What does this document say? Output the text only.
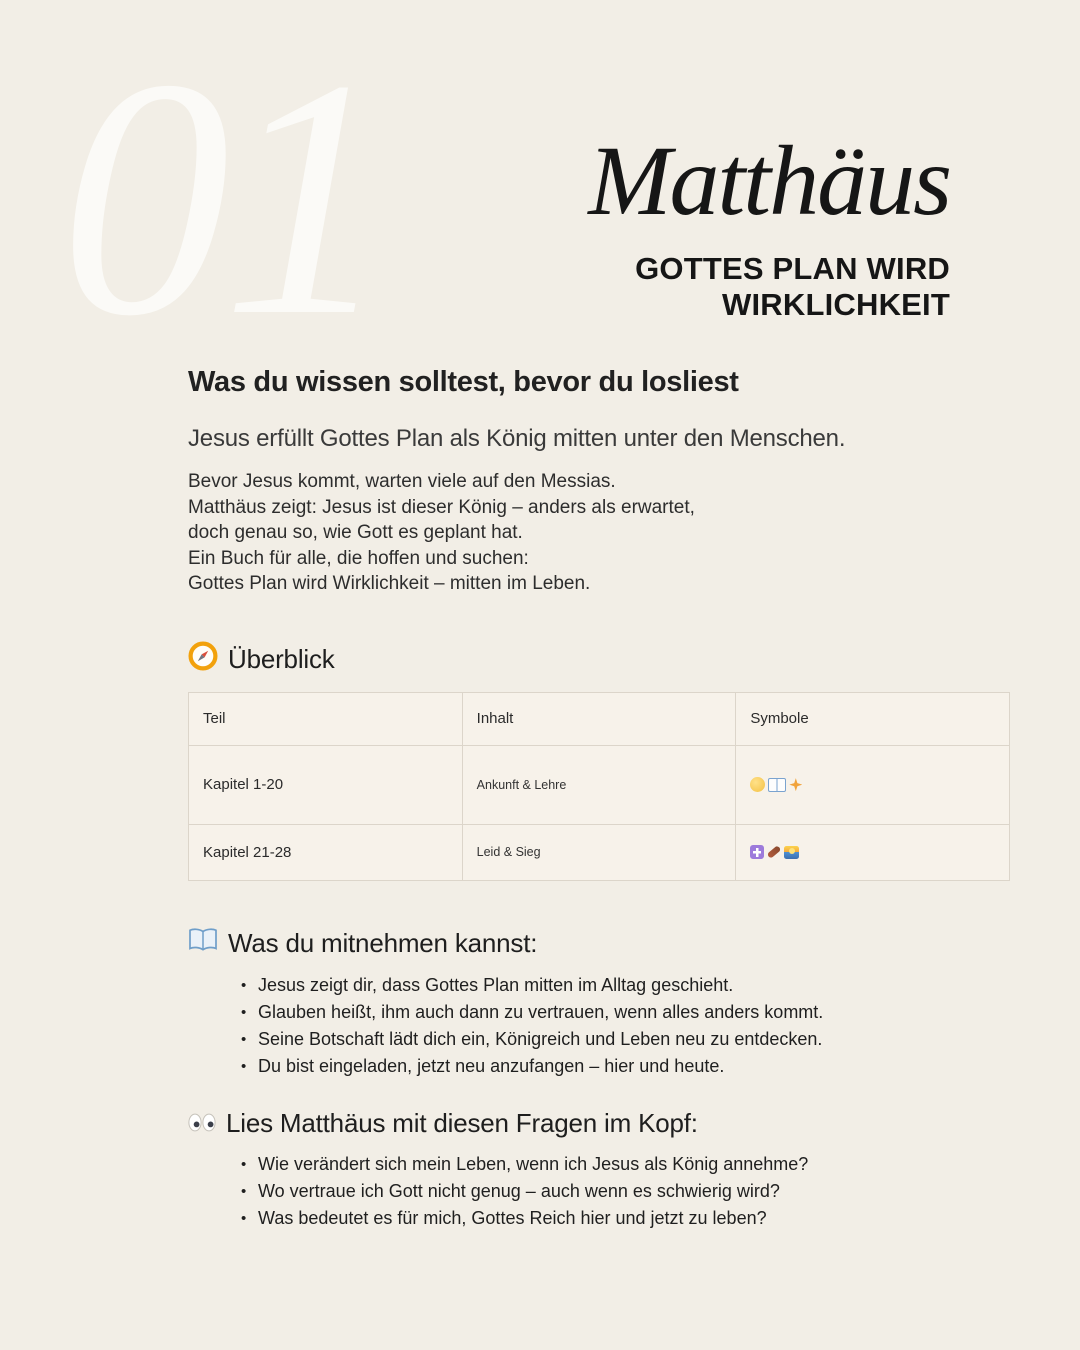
01 Matthäus
GOTTES PLAN WIRD
WIRKLICHKEIT
Was du wissen solltest, bevor du losliest
Jesus erfüllt Gottes Plan als König mitten unter den Menschen.
Bevor Jesus kommt, warten viele auf den Messias.
Matthäus zeigt: Jesus ist dieser König – anders als erwartet,
doch genau so, wie Gott es geplant hat.
Ein Buch für alle, die hoffen und suchen:
Gottes Plan wird Wirklichkeit – mitten im Leben.
Überblick
Teil	Inhalt	Symbole
Kapitel 1-20	Ankunft & Lehre	
Kapitel 21-28	Leid & Sieg	
Was du mitnehmen kannst:
• Jesus zeigt dir, dass Gottes Plan mitten im Alltag geschieht.
• Glauben heißt, ihm auch dann zu vertrauen, wenn alles anders kommt.
• Seine Botschaft lädt dich ein, Königreich und Leben neu zu entdecken.
• Du bist eingeladen, jetzt neu anzufangen – hier und heute.
Lies Matthäus mit diesen Fragen im Kopf:
• Wie verändert sich mein Leben, wenn ich Jesus als König annehme?
• Wo vertraue ich Gott nicht genug – auch wenn es schwierig wird?
• Was bedeutet es für mich, Gottes Reich hier und jetzt zu leben?
